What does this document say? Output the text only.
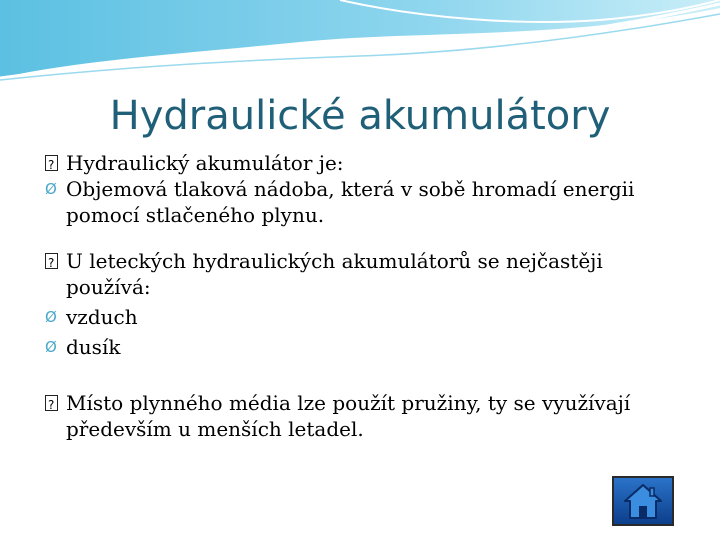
Hydraulické akumulátory
?
Hydraulický akumulátor je:
Ø Objemová tlaková nádoba, která v sobě hromadí energii
pomocí stlačeného plynu.
?
U leteckých hydraulických akumulátorů se nejčastěji
používá:
Ø vzduch
Ø dusík
?
Místo plynného média lze použít pružiny, ty se využívají
především u menších letadel.
